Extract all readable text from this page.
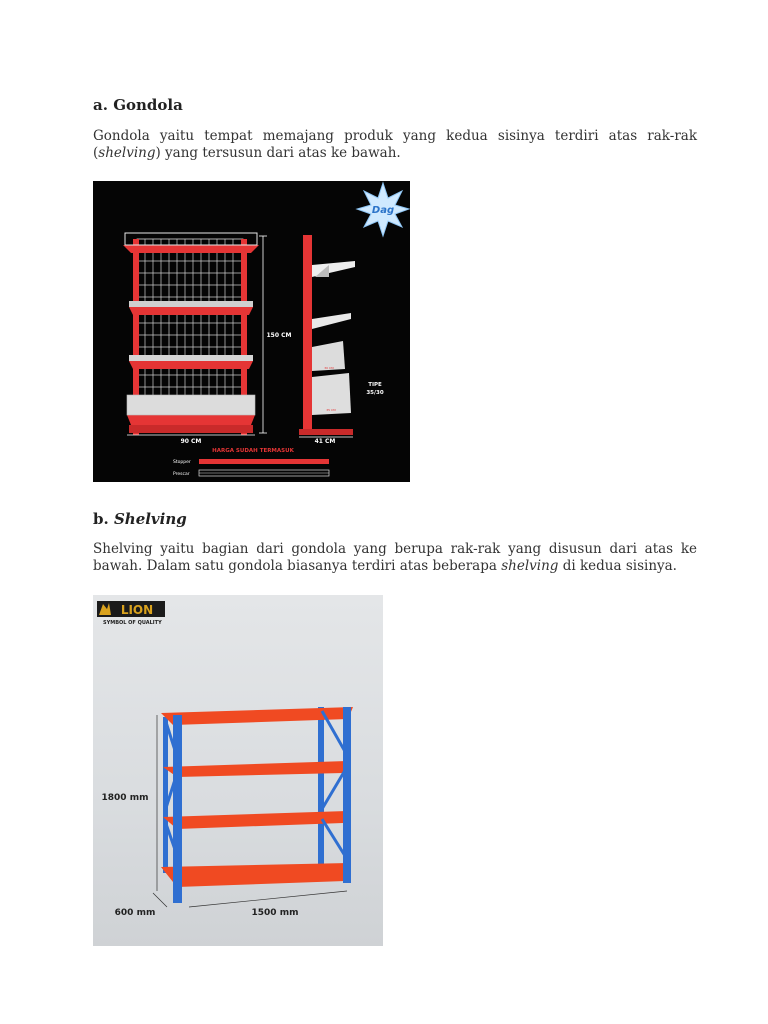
a. Gondola

Gondola yaitu tempat memajang produk yang kedua sisinya terdiri atas rak-rak (shelving) yang tersusun dari atas ke bawah.

Dag
150 CM
90 CM
30 CM
35 CM
41 CM
TIPE
35/30
HARGA SUDAH TERMASUK
Stopper
Prescar
b. Shelving

Shelving yaitu bagian dari gondola yang berupa rak-rak yang disusun dari atas ke bawah. Dalam satu gondola biasanya terdiri atas beberapa shelving di kedua sisinya.

LION
SYMBOL OF QUALITY
1800 mm
600 mm	1500 mm
